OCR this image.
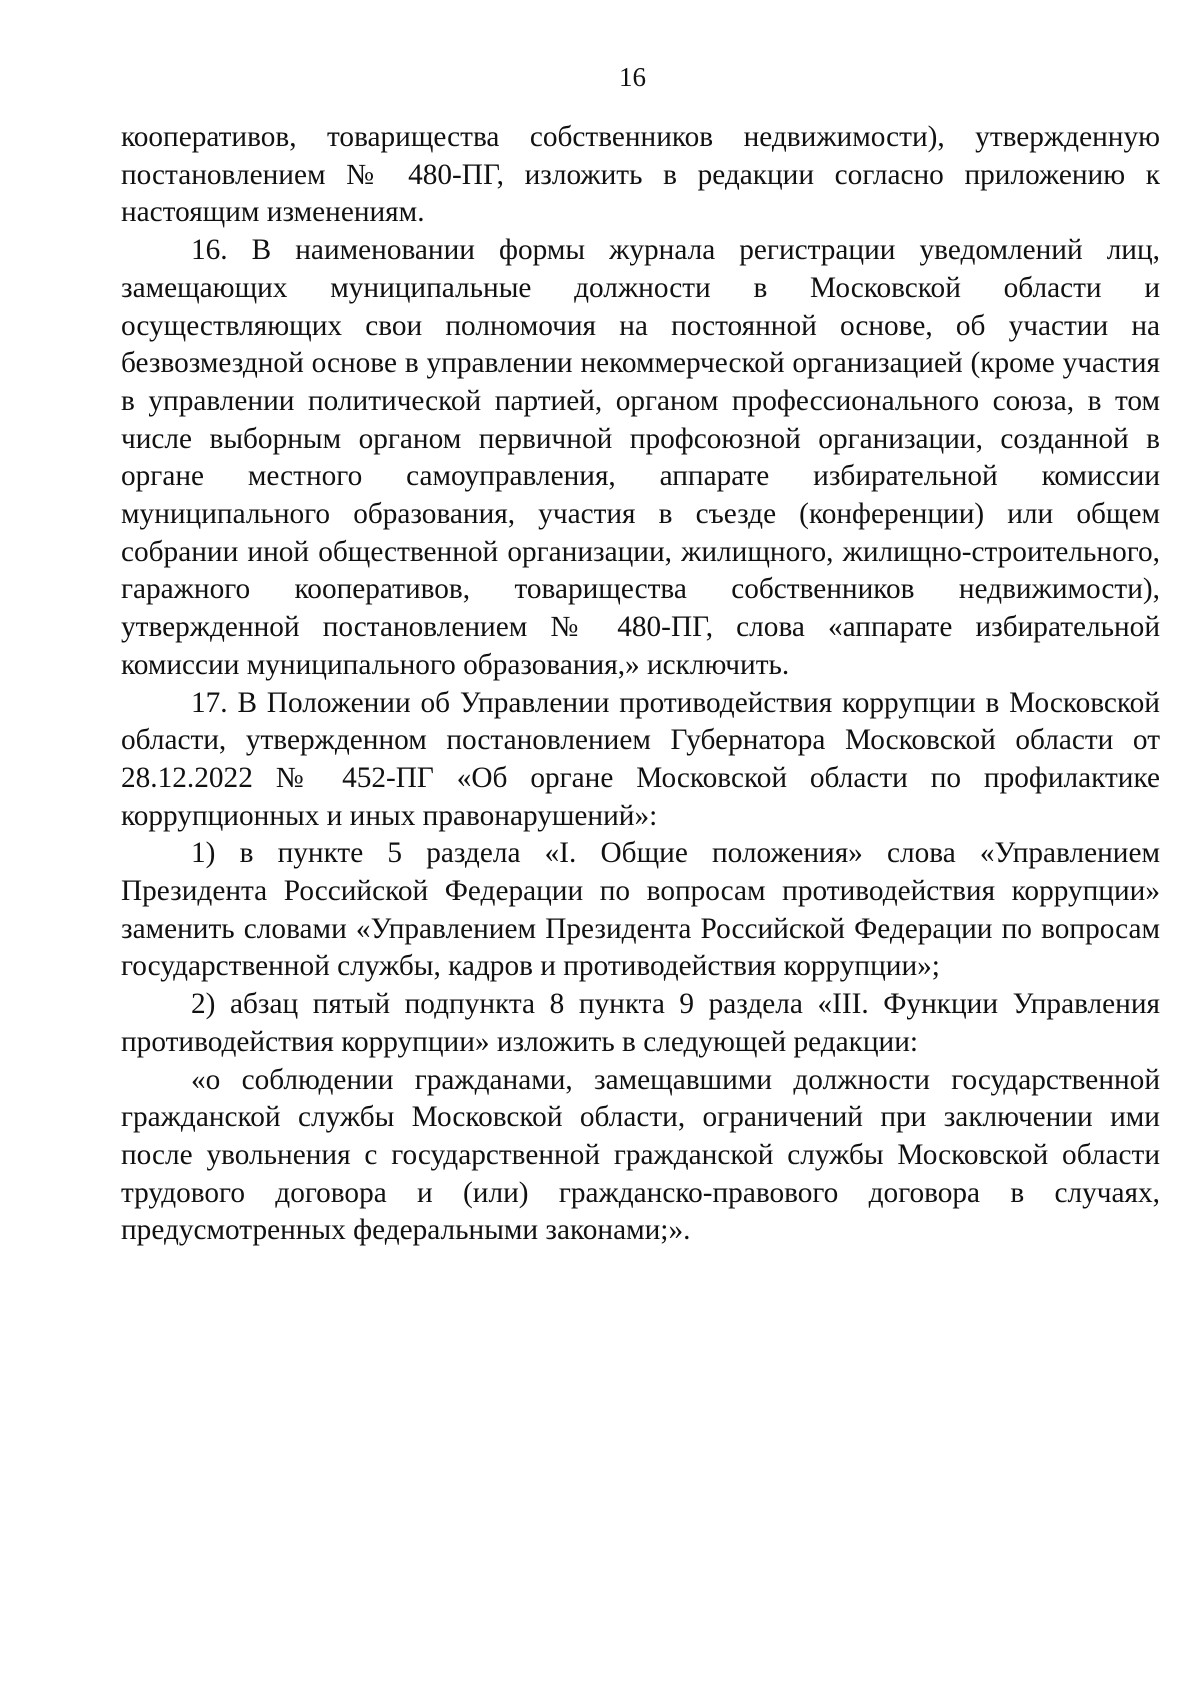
16

кооперативов, товарищества собственников недвижимости), утвержденную постановлением № 480-ПГ, изложить в редакции согласно приложению к настоящим изменениям.

16. В наименовании формы журнала регистрации уведомлений лиц, замещающих муниципальные должности в Московской области и осуществляющих свои полномочия на постоянной основе, об участии на безвозмездной основе в управлении некоммерческой организацией (кроме участия в управлении политической партией, органом профессионального союза, в том числе выборным органом первичной профсоюзной организации, созданной в органе местного самоуправления, аппарате избирательной комиссии муниципального образования, участия в съезде (конференции) или общем собрании иной общественной организации, жилищного, жилищно-строительного, гаражного кооперативов, товарищества собственников недвижимости), утвержденной постановлением № 480-ПГ, слова «аппарате избирательной комиссии муниципального образования,» исключить.

17. В Положении об Управлении противодействия коррупции в Московской области, утвержденном постановлением Губернатора Московской области от 28.12.2022 № 452-ПГ «Об органе Московской области по профилактике коррупционных и иных правонарушений»:

1) в пункте 5 раздела «I. Общие положения» слова «Управлением Президента Российской Федерации по вопросам противодействия коррупции» заменить словами «Управлением Президента Российской Федерации по вопросам государственной службы, кадров и противодействия коррупции»;

2) абзац пятый подпункта 8 пункта 9 раздела «III. Функции Управления противодействия коррупции» изложить в следующей редакции:

«о соблюдении гражданами, замещавшими должности государственной гражданской службы Московской области, ограничений при заключении ими после увольнения с государственной гражданской службы Московской области трудового договора и (или) гражданско-правового договора в случаях, предусмотренных федеральными законами;».
